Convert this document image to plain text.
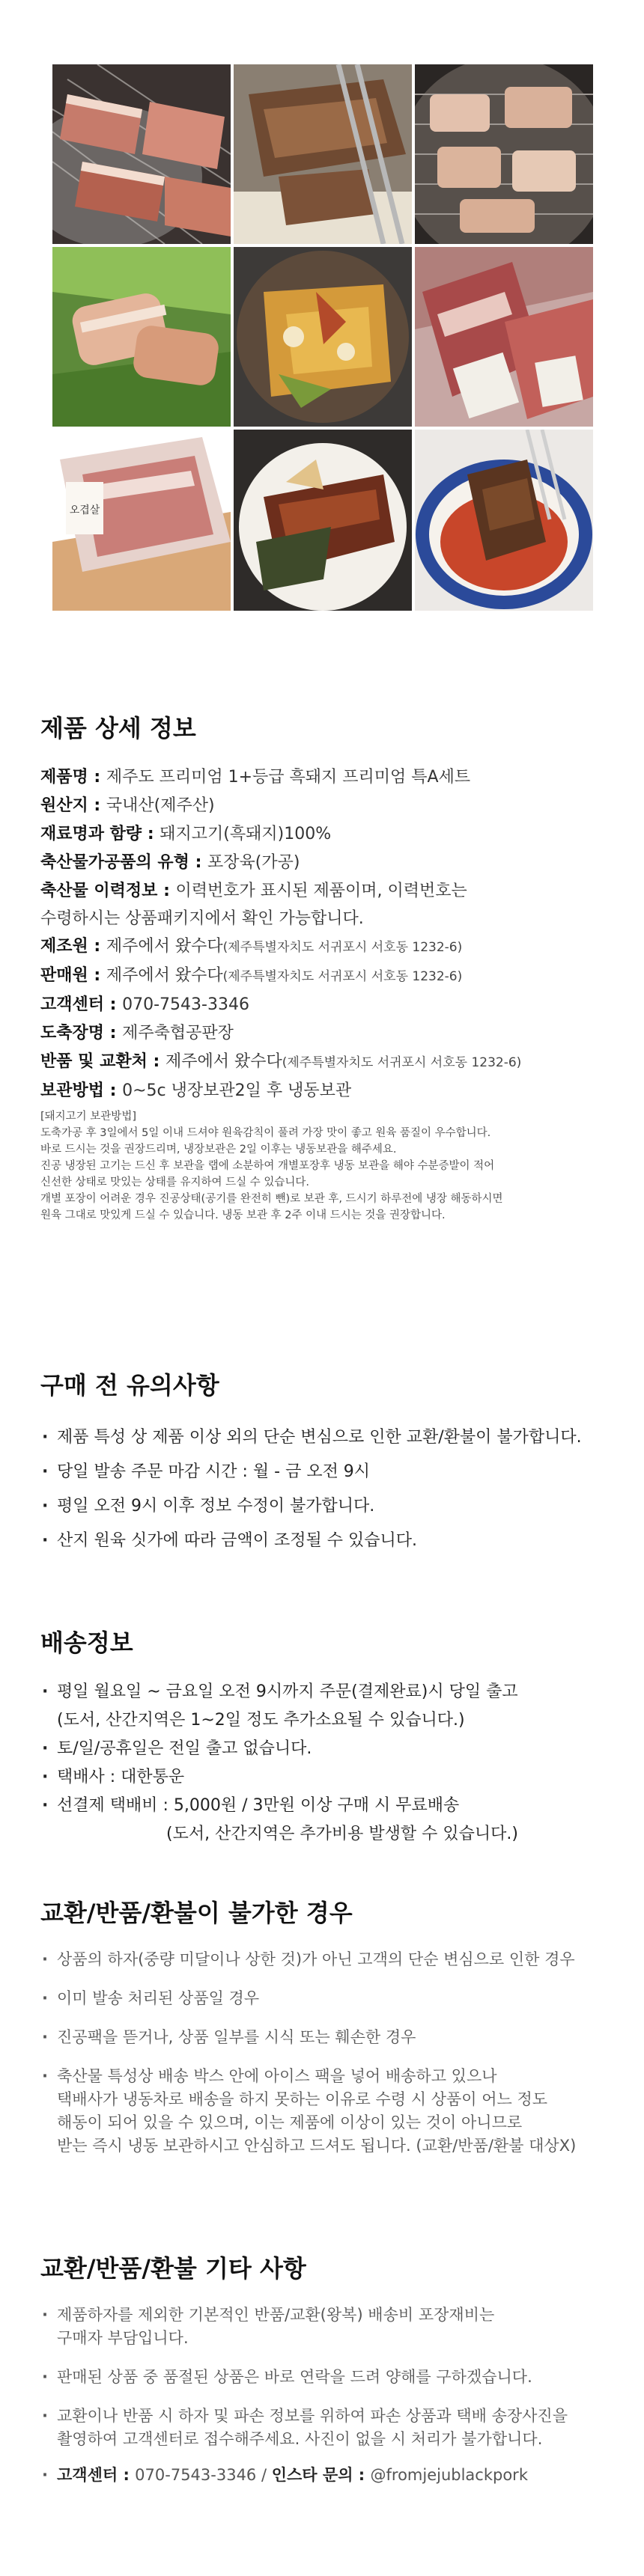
오겹살
제품 상세 정보
제품명 : 제주도 프리미엄 1+등급 흑돼지 프리미엄 특A세트
원산지 : 국내산(제주산)
재료명과 함량 : 돼지고기(흑돼지)100%
축산물가공품의 유형 : 포장육(가공)
축산물 이력정보 : 이력번호가 표시된 제품이며, 이력번호는
수령하시는 상품패키지에서 확인 가능합니다.
제조원 : 제주에서 왔수다(제주특별자치도 서귀포시 서호동 1232-6)
판매원 : 제주에서 왔수다(제주특별자치도 서귀포시 서호동 1232-6)
고객센터 : 070-7543-3346
도축장명 : 제주축협공판장
반품 및 교환처 : 제주에서 왔수다(제주특별자치도 서귀포시 서호동 1232-6)
보관방법 : 0~5c 냉장보관2일 후 냉동보관
[돼지고기 보관방법]
도축가공 후 3일에서 5일 이내 드셔야 원육감칙이 풀려 가장 맛이 좋고 원육 품질이 우수합니다.
바로 드시는 것을 권장드리며, 냉장보관은 2일 이후는 냉동보관을 해주세요.
진공 냉장된 고기는 드신 후 보관을 랩에 소분하여 개별포장후 냉동 보관을 해야 수분증발이 적어
신선한 상태로 맛있는 상태를 유지하여 드실 수 있습니다.
개별 포장이 어려운 경우 진공상태(공기를 완전히 뺀)로 보관 후, 드시기 하루전에 냉장 해동하시면
원육 그대로 맛있게 드실 수 있습니다. 냉동 보관 후 2주 이내 드시는 것을 권장합니다.
구매 전 유의사항
· 제품 특성 상 제품 이상 외의 단순 변심으로 인한 교환/환불이 불가합니다.
· 당일 발송 주문 마감 시간 : 월 - 금 오전 9시
· 평일 오전 9시 이후 정보 수정이 불가합니다.
· 산지 원육 싯가에 따라 금액이 조정될 수 있습니다.
배송정보
· 평일 월요일 ~ 금요일 오전 9시까지 주문(결제완료)시 당일 출고
(도서, 산간지역은 1~2일 정도 추가소요될 수 있습니다.)
· 토/일/공휴일은 전일 출고 없습니다.
· 택배사 : 대한통운
· 선결제 택배비 : 5,000원 / 3만원 이상 구매 시 무료배송
(도서, 산간지역은 추가비용 발생할 수 있습니다.)
교환/반품/환불이 불가한 경우
· 상품의 하자(중량 미달이나 상한 것)가 아닌 고객의 단순 변심으로 인한 경우
· 이미 발송 처리된 상품일 경우
· 진공팩을 뜯거나, 상품 일부를 시식 또는 훼손한 경우
· 축산물 특성상 배송 박스 안에 아이스 팩을 넣어 배송하고 있으나
택배사가 냉동차로 배송을 하지 못하는 이유로 수령 시 상품이 어느 정도
해동이 되어 있을 수 있으며, 이는 제품에 이상이 있는 것이 아니므로
받는 즉시 냉동 보관하시고 안심하고 드셔도 됩니다. (교환/반품/환불 대상X)
교환/반품/환불 기타 사항
· 제품하자를 제외한 기본적인 반품/교환(왕복) 배송비 포장재비는
구매자 부담입니다.
· 판매된 상품 중 품절된 상품은 바로 연락을 드려 양해를 구하겠습니다.
· 교환이나 반품 시 하자 및 파손 정보를 위하여 파손 상품과 택배 송장사진을
촬영하여 고객센터로 접수해주세요. 사진이 없을 시 처리가 불가합니다.
· 고객센터 : 070-7543-3346 / 인스타 문의 : @fromjejublackpork
